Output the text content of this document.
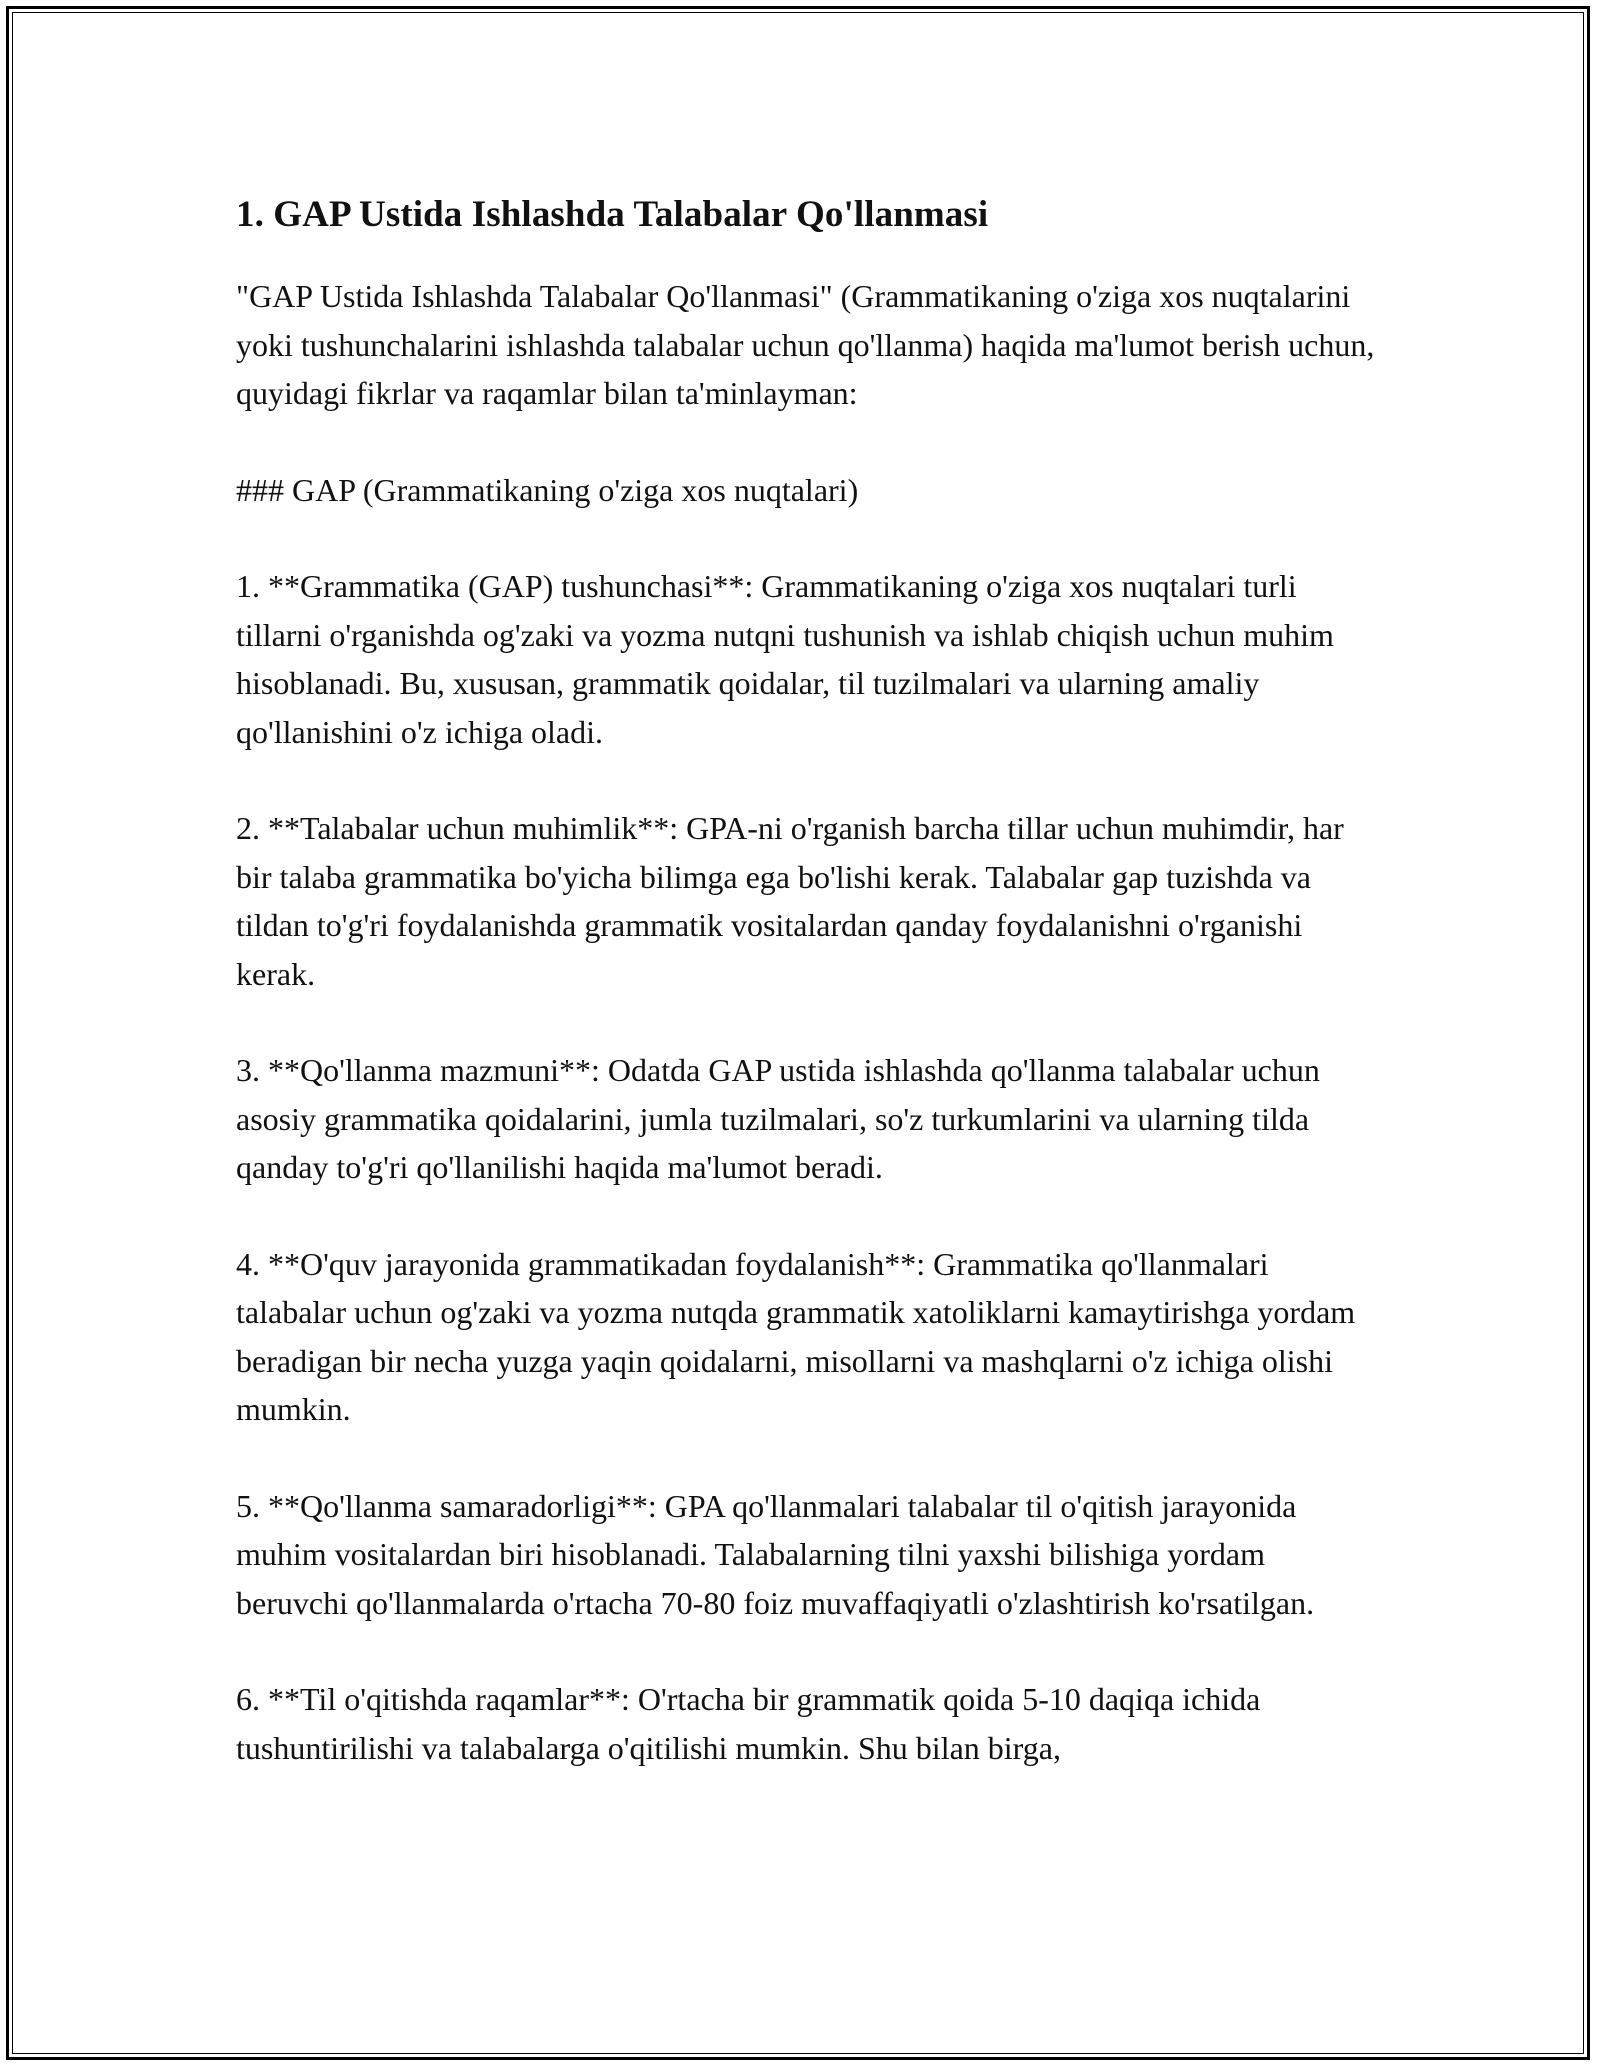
1. GAP Ustida Ishlashda Talabalar Qo'llanmasi

"GAP Ustida Ishlashda Talabalar Qo'llanmasi" (Grammatikaning o'ziga xos nuqtalarini yoki tushunchalarini ishlashda talabalar uchun qo'llanma) haqida ma'lumot berish uchun, quyidagi fikrlar va raqamlar bilan ta'minlayman:

### GAP (Grammatikaning o'ziga xos nuqtalari)

1. **Grammatika (GAP) tushunchasi**: Grammatikaning o'ziga xos nuqtalari turli tillarni o'rganishda og'zaki va yozma nutqni tushunish va ishlab chiqish uchun muhim hisoblanadi. Bu, xususan, grammatik qoidalar, til tuzilmalari va ularning amaliy qo'llanishini o'z ichiga oladi.

2. **Talabalar uchun muhimlik**: GPA-ni o'rganish barcha tillar uchun muhimdir, har bir talaba grammatika bo'yicha bilimga ega bo'lishi kerak. Talabalar gap tuzishda va tildan to'g'ri foydalanishda grammatik vositalardan qanday foydalanishni o'rganishi kerak.

3. **Qo'llanma mazmuni**: Odatda GAP ustida ishlashda qo'llanma talabalar uchun asosiy grammatika qoidalarini, jumla tuzilmalari, so'z turkumlarini va ularning tilda qanday to'g'ri qo'llanilishi haqida ma'lumot beradi.

4. **O'quv jarayonida grammatikadan foydalanish**: Grammatika qo'llanmalari talabalar uchun og'zaki va yozma nutqda grammatik xatoliklarni kamaytirishga yordam beradigan bir necha yuzga yaqin qoidalarni, misollarni va mashqlarni o'z ichiga olishi mumkin.

5. **Qo'llanma samaradorligi**: GPA qo'llanmalari talabalar til o'qitish jarayonida muhim vositalardan biri hisoblanadi. Talabalarning tilni yaxshi bilishiga yordam beruvchi qo'llanmalarda o'rtacha 70-80 foiz muvaffaqiyatli o'zlashtirish ko'rsatilgan.

6. **Til o'qitishda raqamlar**: O'rtacha bir grammatik qoida 5-10 daqiqa ichida tushuntirilishi va talabalarga o'qitilishi mumkin. Shu bilan birga,
